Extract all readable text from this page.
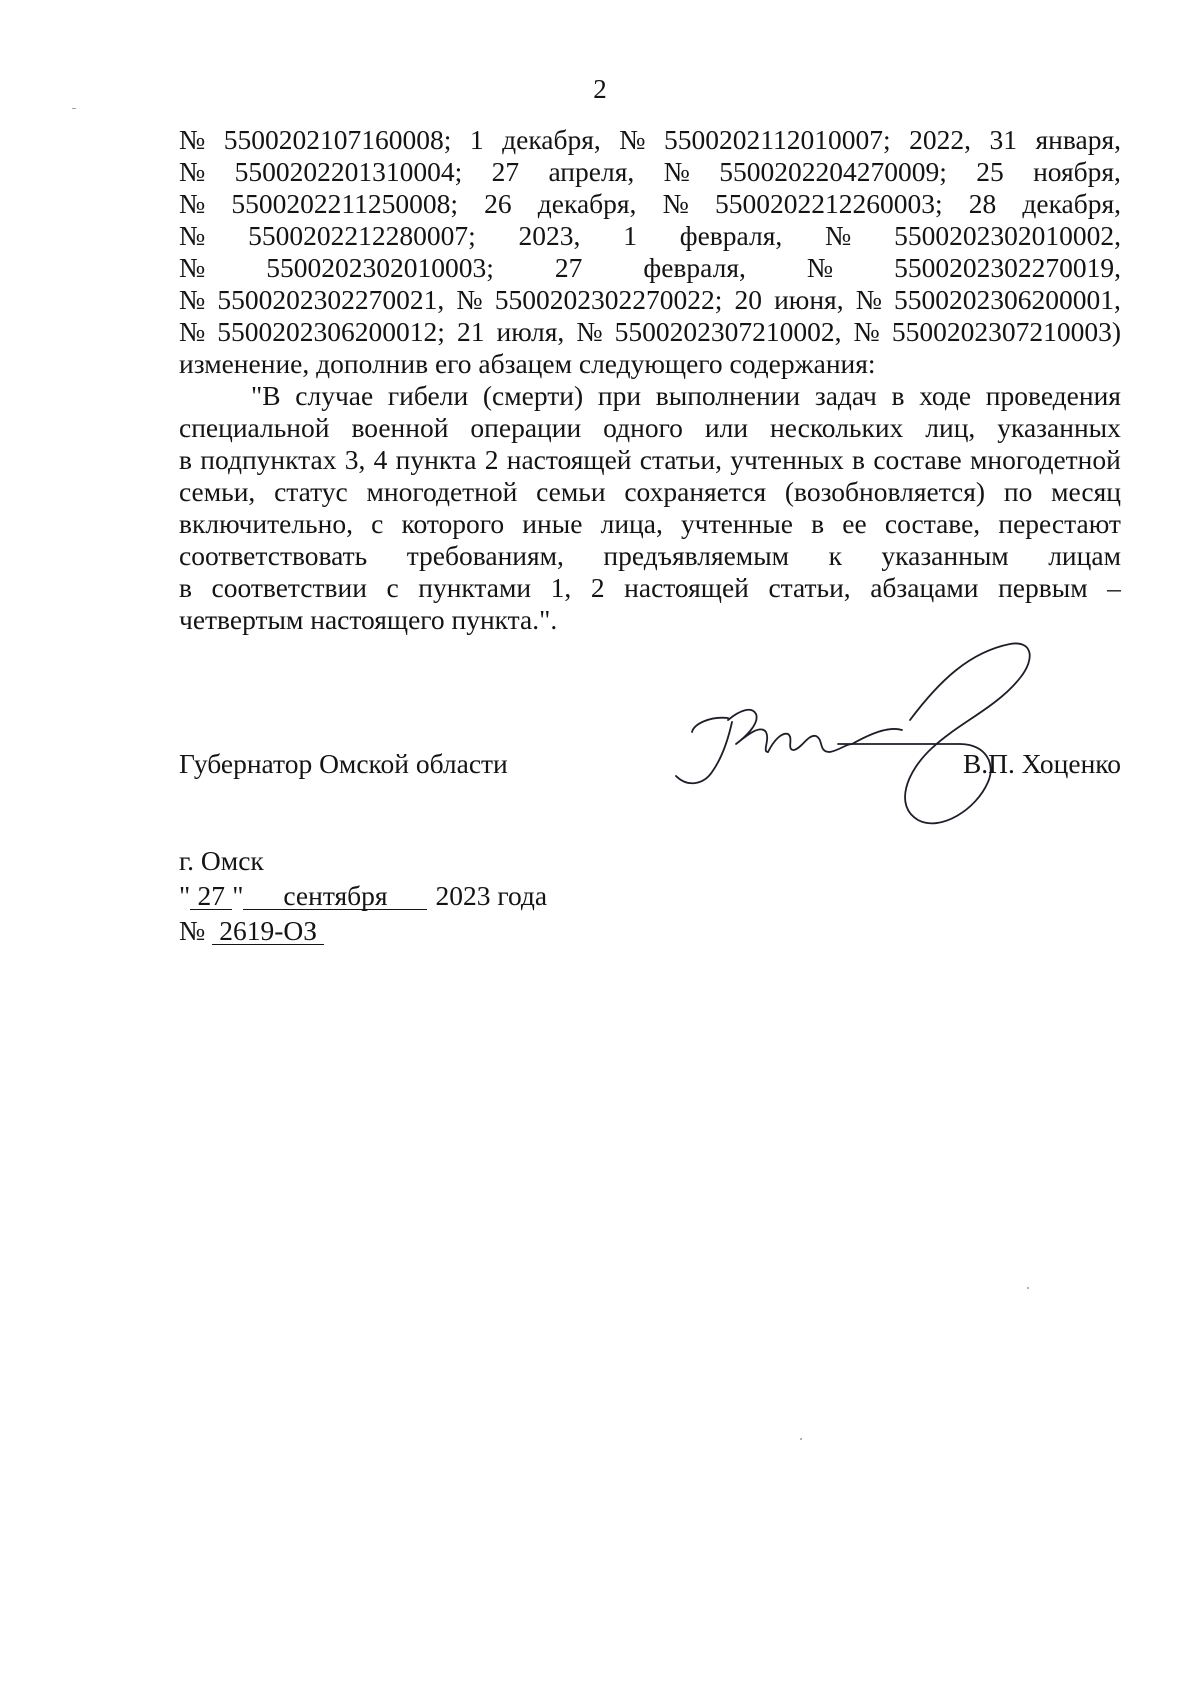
2
№ 5500202107160008; 1 декабря, № 5500202112010007; 2022, 31 января,
№ 5500202201310004; 27 апреля, № 5500202204270009; 25 ноября,
№ 5500202211250008; 26 декабря, № 5500202212260003; 28 декабря,
№ 5500202212280007; 2023, 1 февраля, № 5500202302010002,
№ 5500202302010003; 27 февраля, № 5500202302270019,
№ 5500202302270021, № 5500202302270022; 20 июня, № 5500202306200001,
№ 5500202306200012; 21 июля, № 5500202307210002, № 5500202307210003)
изменение, дополнив его абзацем следующего содержания:
"В случае гибели (смерти) при выполнении задач в ходе проведения
специальной военной операции одного или нескольких лиц, указанных
в подпунктах 3, 4 пункта 2 настоящей статьи, учтенных в составе многодетной
семьи, статус многодетной семьи сохраняется (возобновляется) по месяц
включительно, с которого иные лица, учтенные в ее составе, перестают
соответствовать требованиям, предъявляемым к указанным лицам
в соответствии с пунктами 1, 2 настоящей статьи, абзацами первым –
четвертым настоящего пункта.".
Губернатор Омской области	В.П. Хоценко
г. Омск
" 27" сентября 2023 года
№ 2619-ОЗ
